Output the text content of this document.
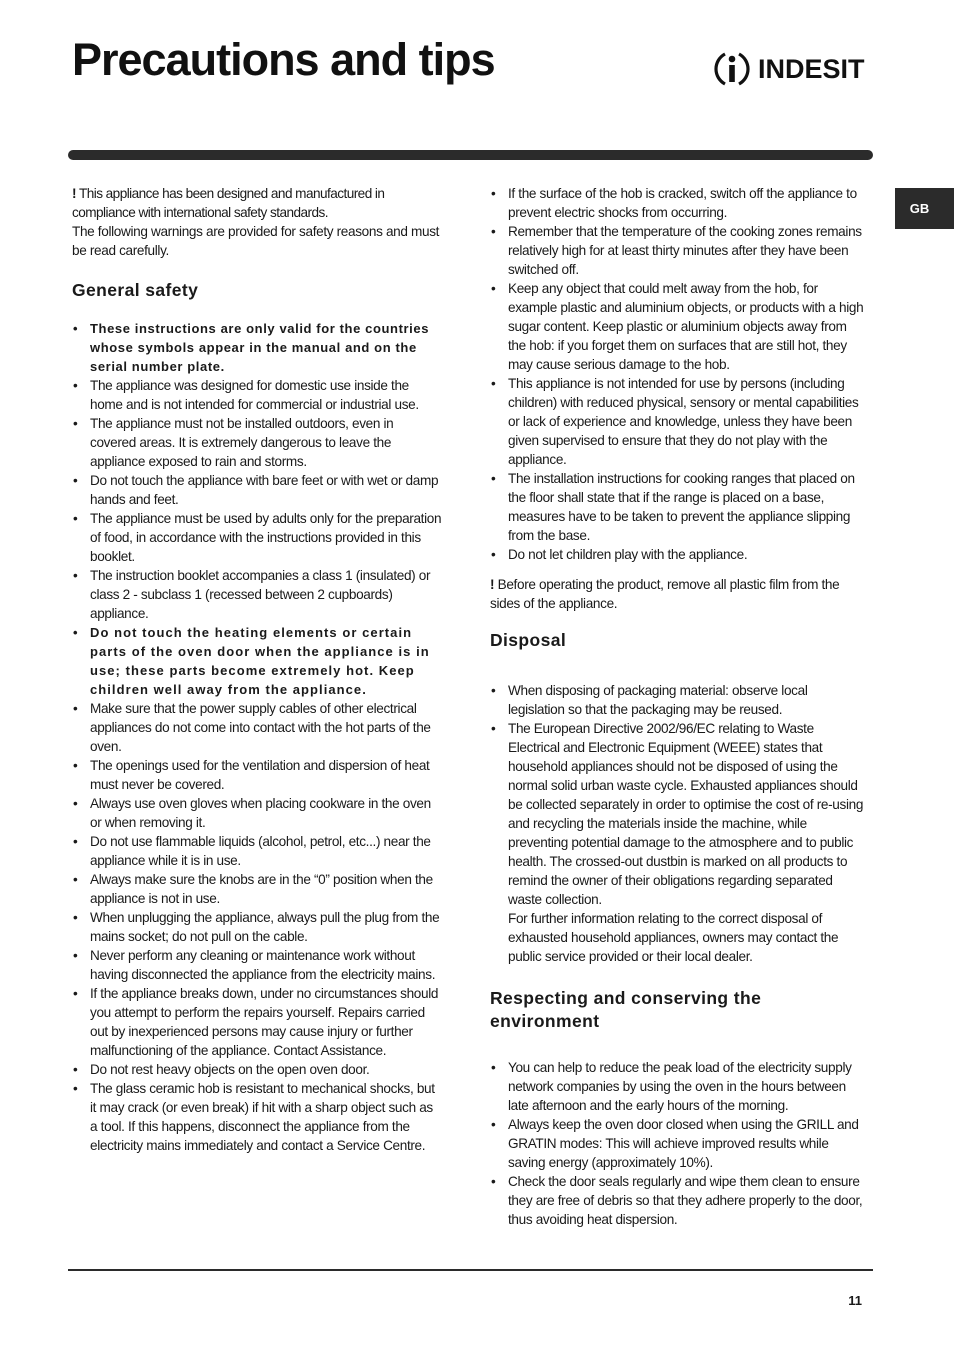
Precautions and tips	INDESIT
GB

! This appliance has been designed and manufactured in compliance with international safety standards.

The following warnings are provided for safety reasons and must be read carefully.

General safety
• These instructions are only valid for the countries whose symbols appear in the manual and on the serial number plate.
• The appliance was designed for domestic use inside the home and is not intended for commercial or industrial use.
• The appliance must not be installed outdoors, even in covered areas. It is extremely dangerous to leave the appliance exposed to rain and storms.
• Do not touch the appliance with bare feet or with wet or damp hands and feet.
• The appliance must be used by adults only for the preparation of food, in accordance with the instructions provided in this booklet.
• The instruction booklet accompanies a class 1 (insulated) or class 2 - subclass 1 (recessed between 2 cupboards) appliance.
• Do not touch the heating elements or certain parts of the oven door when the appliance is in use; these parts become extremely hot. Keep children well away from the appliance.
• Make sure that the power supply cables of other electrical appliances do not come into contact with the hot parts of the oven.
• The openings used for the ventilation and dispersion of heat must never be covered.
• Always use oven gloves when placing cookware in the oven or when removing it.
• Do not use flammable liquids (alcohol, petrol, etc...) near the appliance while it is in use.
• Always make sure the knobs are in the “0” position when the appliance is not in use.
• When unplugging the appliance, always pull the plug from the mains socket; do not pull on the cable.
• Never perform any cleaning or maintenance work without having disconnected the appliance from the electricity mains.
• If the appliance breaks down, under no circumstances should you attempt to perform the repairs yourself. Repairs carried out by inexperienced persons may cause injury or further malfunctioning of the appliance. Contact Assistance.
• Do not rest heavy objects on the open oven door.
• The glass ceramic hob is resistant to mechanical shocks, but it may crack (or even break) if hit with a sharp object such as a tool. If this happens, disconnect the appliance from the electricity mains immediately and contact a Service Centre.
• If the surface of the hob is cracked, switch off the appliance to prevent electric shocks from occurring.
• Remember that the temperature of the cooking zones remains relatively high for at least thirty minutes after they have been switched off.
• Keep any object that could melt away from the hob, for example plastic and aluminium objects, or products with a high sugar content. Keep plastic or aluminium objects away from the hob: if you forget them on surfaces that are still hot, they may cause serious damage to the hob.
• This appliance is not intended for use by persons (including children) with reduced physical, sensory or mental capabilities or lack of experience and knowledge, unless they have been given supervised to ensure that they do not play with the appliance.
• The installation instructions for cooking ranges that placed on the floor shall state that if the range is placed on a base, measures have to be taken to prevent the appliance slipping from the base.
• Do not let children play with the appliance.

! Before operating the product, remove all plastic film from the sides of the appliance.

Disposal
• When disposing of packaging material: observe local legislation so that the packaging may be reused.
• The European Directive 2002/96/EC relating to Waste Electrical and Electronic Equipment (WEEE) states that household appliances should not be disposed of using the normal solid urban waste cycle. Exhausted appliances should be collected separately in order to optimise the cost of re-using and recycling the materials inside the machine, while preventing potential damage to the atmosphere and to public health. The crossed-out dustbin is marked on all products to remind the owner of their obligations regarding separated waste collection.

For further information relating to the correct disposal of exhausted household appliances, owners may contact the public service provided or their local dealer.

Respecting and conserving the environment
• You can help to reduce the peak load of the electricity supply network companies by using the oven in the hours between late afternoon and the early hours of the morning.
• Always keep the oven door closed when using the GRILL and GRATIN modes: This will achieve improved results while saving energy (approximately 10%).
• Check the door seals regularly and wipe them clean to ensure they are free of debris so that they adhere properly to the door, thus avoiding heat dispersion.
11
